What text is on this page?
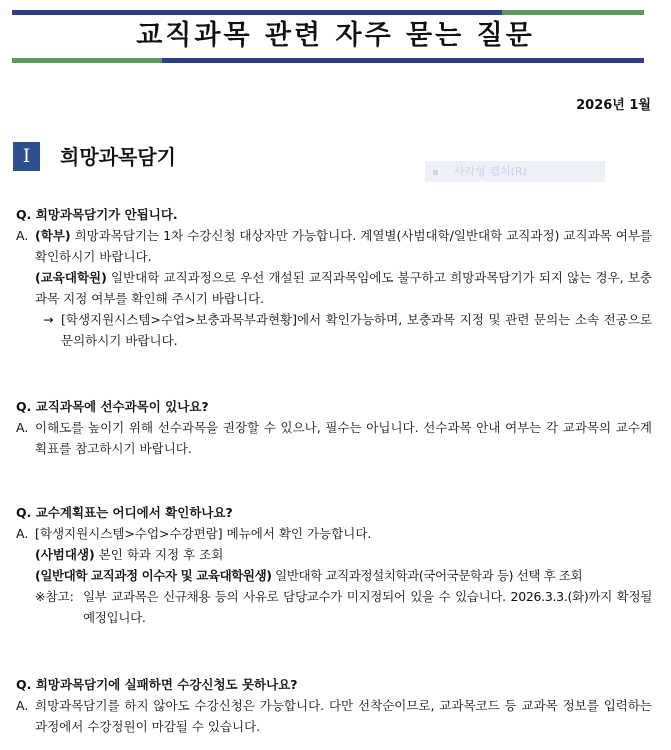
교직과목 관련 자주 묻는 질문
2026년 1월
I	희망과목담기
사각형 캡처(R)
Q. 희망과목담기가 안됩니다.
A. (학부) 희망과목담기는 1차 수강신청 대상자만 가능합니다. 계열별(사범대학/일반대학 교직과정) 교직과목 여부를 확인하시기 바랍니다.

(교육대학원) 일반대학 교직과정으로 우선 개설된 교직과목임에도 불구하고 희망과목담기가 되지 않는 경우, 보충과목 지정 여부를 확인해 주시기 바랍니다.

→ [학생지원시스템>수업>보충과목부과현황]에서 확인가능하며, 보충과목 지정 및 관련 문의는 소속 전공으로 문의하시기 바랍니다.

Q. 교직과목에 선수과목이 있나요?
A. 이해도를 높이기 위해 선수과목을 권장할 수 있으나, 필수는 아닙니다. 선수과목 안내 여부는 각 교과목의 교수계획표를 참고하시기 바랍니다.

Q. 교수계획표는 어디에서 확인하나요?
A. [학생지원시스템>수업>수강편람] 메뉴에서 확인 가능합니다.

(사범대생) 본인 학과 지정 후 조회

(일반대학 교직과정 이수자 및 교육대학원생) 일반대학 교직과정설치학과(국어국문학과 등) 선택 후 조회

※참고: 일부 교과목은 신규채용 등의 사유로 담당교수가 미지정되어 있을 수 있습니다. 2026.3.3.(화)까지 확정될 예정입니다.

Q. 희망과목담기에 실패하면 수강신청도 못하나요?
A. 희망과목담기를 하지 않아도 수강신청은 가능합니다. 다만 선착순이므로, 교과목코드 등 교과목 정보를 입력하는 과정에서 수강정원이 마감될 수 있습니다.
